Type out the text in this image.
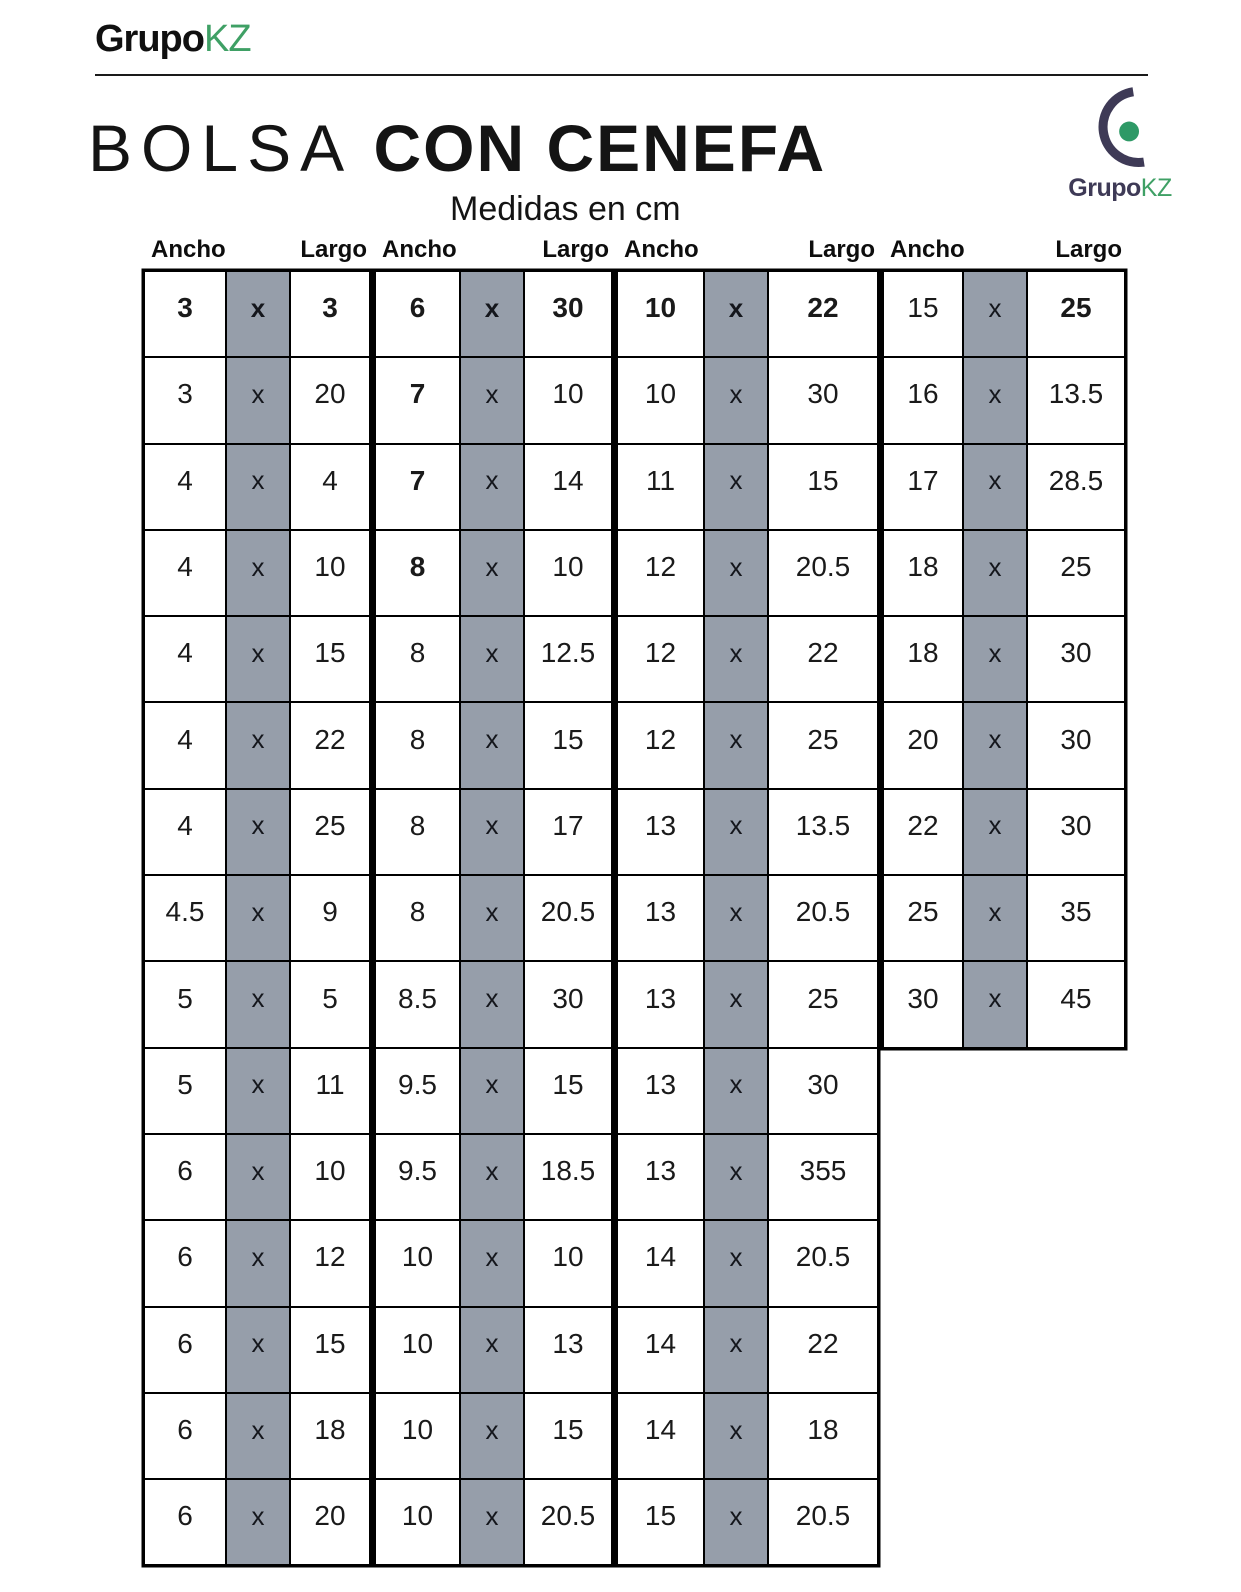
GrupoKZ
BOLSA CON CENEFA
Medidas en cm
GrupoKZ
Ancho	Largo
3	x	3
3	x	20
4	x	4
4	x	10
4	x	15
4	x	22
4	x	25
4.5	x	9
5	x	5
5	x	11
6	x	10
6	x	12
6	x	15
6	x	18
6	x	20
Ancho	Largo
6	x	30
7	x	10
7	x	14
8	x	10
8	x	12.5
8	x	15
8	x	17
8	x	20.5
8.5	x	30
9.5	x	15
9.5	x	18.5
10	x	10
10	x	13
10	x	15
10	x	20.5
Ancho	Largo
10	x	22
10	x	30
11	x	15
12	x	20.5
12	x	22
12	x	25
13	x	13.5
13	x	20.5
13	x	25
13	x	30
13	x	355
14	x	20.5
14	x	22
14	x	18
15	x	20.5
Ancho	Largo
15	x	25
16	x	13.5
17	x	28.5
18	x	25
18	x	30
20	x	30
22	x	30
25	x	35
30	x	45
